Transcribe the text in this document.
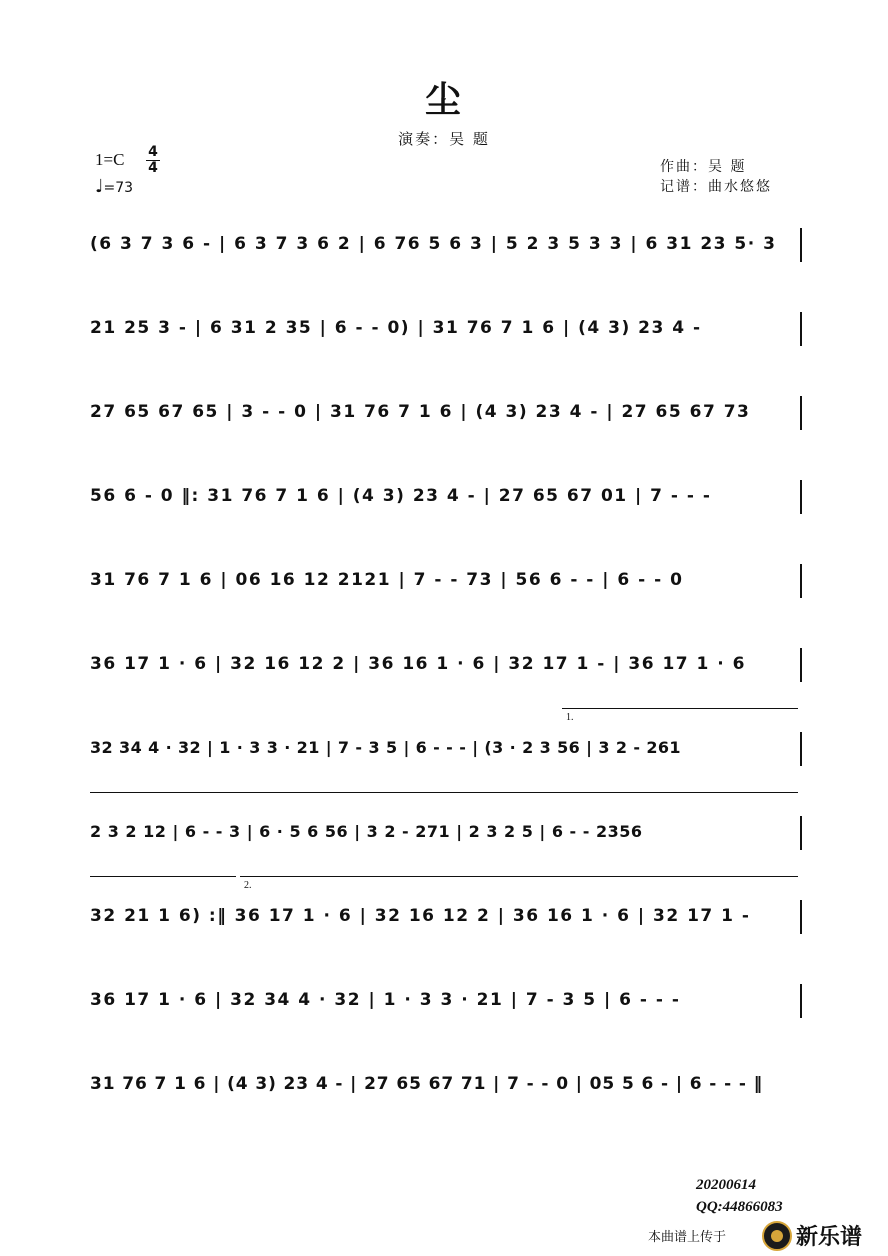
尘
演奏：吴 题
1=C 4
4
♩=73
作曲：吴 题
记谱：曲水悠悠
(6 3 7 3 6 - | 6 3 7 3 6 2 | 6 76 5 6 3 | 5 2 3 5 3 3 | 6 31 23 5· 3
21 25 3 - | 6 31 2 35 | 6 - - 0) | 31 76 7 1 6 | (4 3) 23 4 -
27 65 67 65 | 3 - - 0 | 31 76 7 1 6 | (4 3) 23 4 - | 27 65 67 73
56 6 - 0 ‖: 31 76 7 1 6 | (4 3) 23 4 - | 27 65 67 01 | 7 - - -
31 76 7 1 6 | 06 16 12 2121 | 7 - - 73 | 56 6 - - | 6 - - 0
36 17 1 · 6 | 32 16 12 2 | 36 16 1 · 6 | 32 17 1 - | 36 17 1 · 6
1.
32 34 4 · 32 | 1 · 3 3 · 21 | 7 - 3 5 | 6 - - - | (3 · 2 3 56 | 3 2 - 261
2 3 2 12 | 6 - - 3 | 6 · 5 6 56 | 3 2 - 271 | 2 3 2 5 | 6 - - 2356
2.
32 21 1 6) :‖ 36 17 1 · 6 | 32 16 12 2 | 36 16 1 · 6 | 32 17 1 -
36 17 1 · 6 | 32 34 4 · 32 | 1 · 3 3 · 21 | 7 - 3 5 | 6 - - -
31 76 7 1 6 | (4 3) 23 4 - | 27 65 67 71 | 7 - - 0 | 05 5 6 - | 6 - - - ‖
20200614
QQ:44866083
本曲谱上传于	新乐谱
